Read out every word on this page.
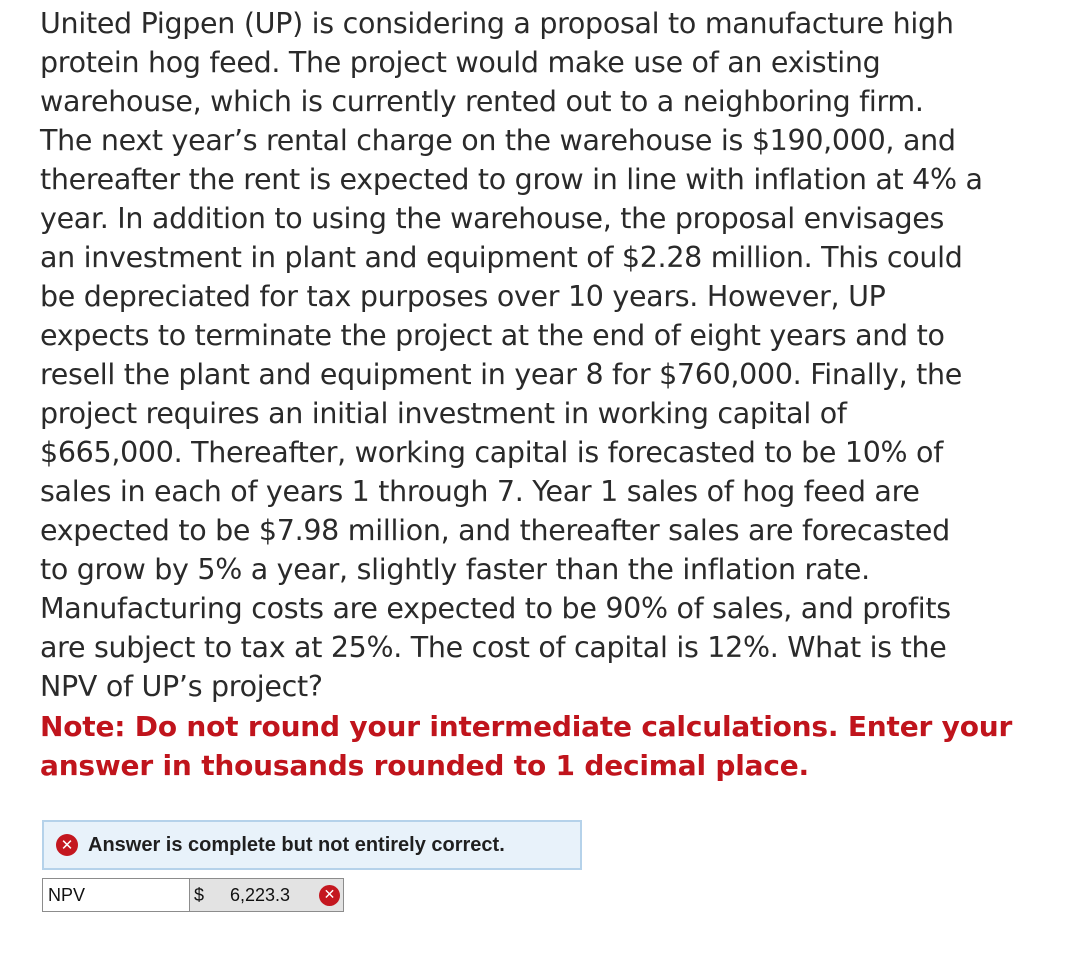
United Pigpen (UP) is considering a proposal to manufacture high
protein hog feed. The project would make use of an existing
warehouse, which is currently rented out to a neighboring firm.
The next year’s rental charge on the warehouse is $190,000, and
thereafter the rent is expected to grow in line with inflation at 4% a
year. In addition to using the warehouse, the proposal envisages
an investment in plant and equipment of $2.28 million. This could
be depreciated for tax purposes over 10 years. However, UP
expects to terminate the project at the end of eight years and to
resell the plant and equipment in year 8 for $760,000. Finally, the
project requires an initial investment in working capital of
$665,000. Thereafter, working capital is forecasted to be 10% of
sales in each of years 1 through 7. Year 1 sales of hog feed are
expected to be $7.98 million, and thereafter sales are forecasted
to grow by 5% a year, slightly faster than the inflation rate.
Manufacturing costs are expected to be 90% of sales, and profits
are subject to tax at 25%. The cost of capital is 12%. What is the
NPV of UP’s project?
Note: Do not round your intermediate calculations. Enter your
answer in thousands rounded to 1 decimal place.
✕ Answer is complete but not entirely correct.
NPV	$ 6,223.3	✕
